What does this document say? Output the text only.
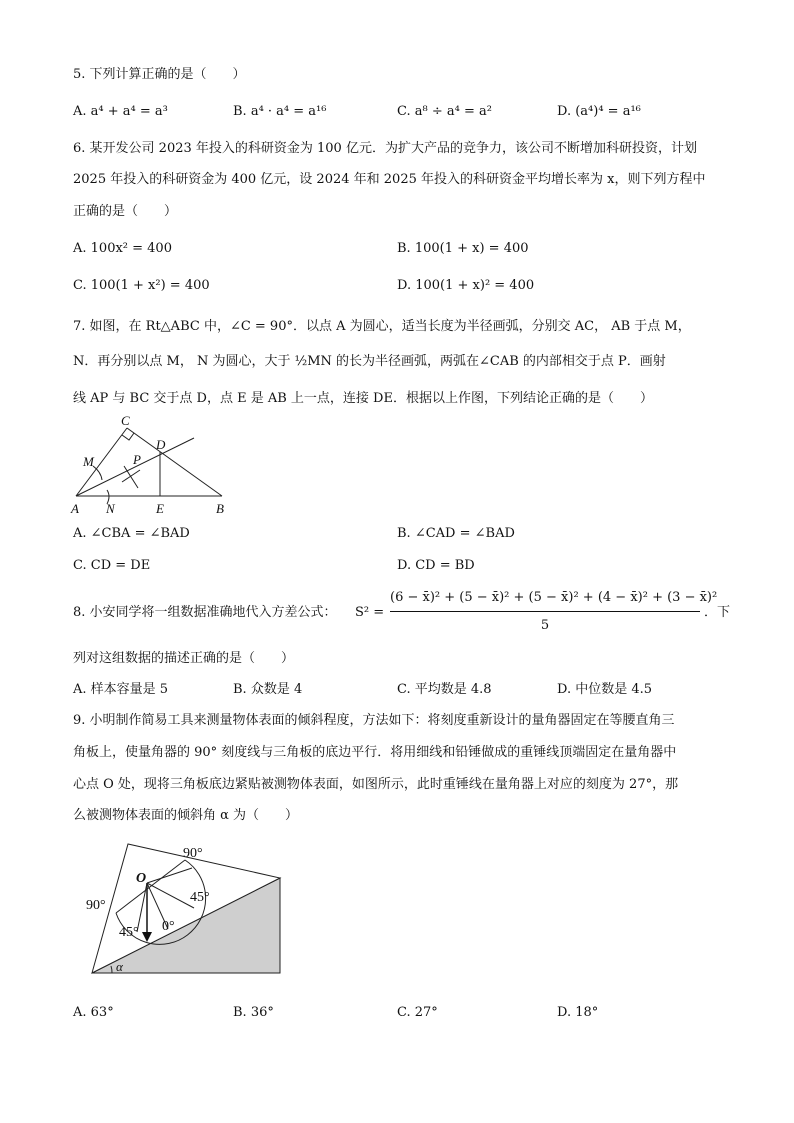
5. 下列计算正确的是（　　）
A. a⁴ + a⁴ = a³	B. a⁴ · a⁴ = a¹⁶	C. a⁸ ÷ a⁴ = a²	D. (a⁴)⁴ = a¹⁶
6. 某开发公司 2023 年投入的科研资金为 100 亿元．为扩大产品的竞争力，该公司不断增加科研投资，计划
2025 年投入的科研资金为 400 亿元，设 2024 年和 2025 年投入的科研资金平均增长率为 x，则下列方程中
正确的是（　　）
A. 100x² = 400	B. 100(1 + x) = 400
C. 100(1 + x²) = 400	D. 100(1 + x)² = 400
7. 如图，在 Rt△ABC 中，∠C = 90°．以点 A 为圆心，适当长度为半径画弧，分别交 AC， AB 于点 M，
N．再分别以点 M， N 为圆心，大于 ½MN 的长为半径画弧，两弧在∠CAB 的内部相交于点 P．画射
线 AP 与 BC 交于点 D，点 E 是 AB 上一点，连接 DE．根据以上作图，下列结论正确的是（　　）
C
D
M	P
A N	E	B
A. ∠CBA = ∠BAD	B. ∠CAD = ∠BAD
C. CD = DE	D. CD = BD
8. 小安同学将一组数据准确地代入方差公式： $S^2 = \frac{\text{(6 − x̄)² + (5 − x̄)² + (5 − x̄)² + (4 − x̄)² + (3 − x̄)²}}{5}$ ．下
列对这组数据的描述正确的是（　　）
A. 样本容量是 5	B. 众数是 4	C. 平均数是 4.8	D. 中位数是 4.5
9. 小明制作简易工具来测量物体表面的倾斜程度，方法如下：将刻度重新设计的量角器固定在等腰直角三
角板上，使量角器的 90° 刻度线与三角板的底边平行．将用细线和铅锤做成的重锤线顶端固定在量角器中
心点 O 处，现将三角板底边紧贴被测物体表面，如图所示，此时重锤线在量角器上对应的刻度为 27°，那
么被测物体表面的倾斜角 α 为（　　）
90°
90°
O
45°
45° 0°
α
A. 63°	B. 36°	C. 27°	D. 18°
